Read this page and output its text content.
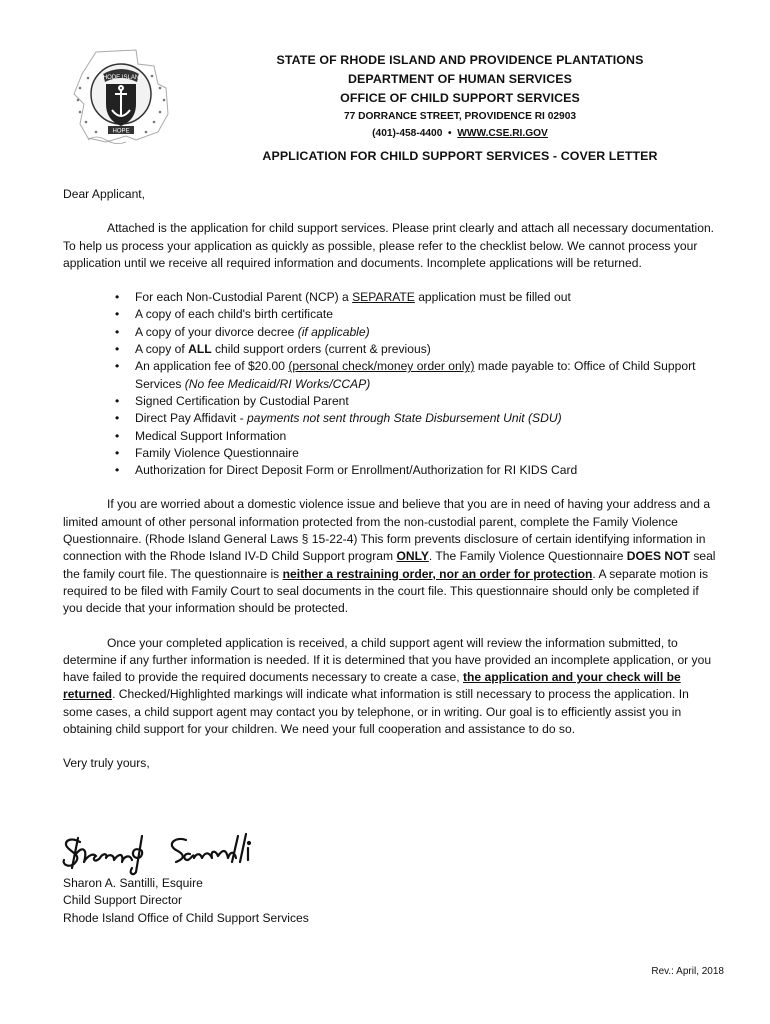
RHODE ISLAND
HOPE
STATE OF RHODE ISLAND AND PROVIDENCE PLANTATIONS
DEPARTMENT OF HUMAN SERVICES
OFFICE OF CHILD SUPPORT SERVICES
77 DORRANCE STREET, PROVIDENCE RI 02903
(401)-458-4400 • WWW.CSE.RI.GOV
APPLICATION FOR CHILD SUPPORT SERVICES - COVER LETTER

Dear Applicant,

Attached is the application for child support services. Please print clearly and attach all necessary documentation. To help us process your application as quickly as possible, please refer to the checklist below. We cannot process your application until we receive all required information and documents. Incomplete applications will be returned.

• For each Non-Custodial Parent (NCP) a SEPARATE application must be filled out
• A copy of each child's birth certificate
• A copy of your divorce decree (if applicable)
• A copy of ALL child support orders (current & previous)
• An application fee of $20.00 (personal check/money order only) made payable to: Office of Child Support Services (No fee Medicaid/RI Works/CCAP)
• Signed Certification by Custodial Parent
• Direct Pay Affidavit - payments not sent through State Disbursement Unit (SDU)
• Medical Support Information
• Family Violence Questionnaire
• Authorization for Direct Deposit Form or Enrollment/Authorization for RI KIDS Card

If you are worried about a domestic violence issue and believe that you are in need of having your address and a limited amount of other personal information protected from the non-custodial parent, complete the Family Violence Questionnaire. (Rhode Island General Laws § 15-22-4) This form prevents disclosure of certain identifying information in connection with the Rhode Island IV-D Child Support program ONLY. The Family Violence Questionnaire DOES NOT seal the family court file. The questionnaire is neither a restraining order, nor an order for protection. A separate motion is required to be filed with Family Court to seal documents in the court file. This questionnaire should only be completed if you decide that your information should be protected.

Once your completed application is received, a child support agent will review the information submitted, to determine if any further information is needed. If it is determined that you have provided an incomplete application, or you have failed to provide the required documents necessary to create a case, the application and your check will be returned. Checked/Highlighted markings will indicate what information is still necessary to process the application. In some cases, a child support agent may contact you by telephone, or in writing. Our goal is to efficiently assist you in obtaining child support for your children. We need your full cooperation and assistance to do so.

Very truly yours,

Sharon A. Santilli, Esquire
Child Support Director
Rhode Island Office of Child Support Services
Rev.: April, 2018
